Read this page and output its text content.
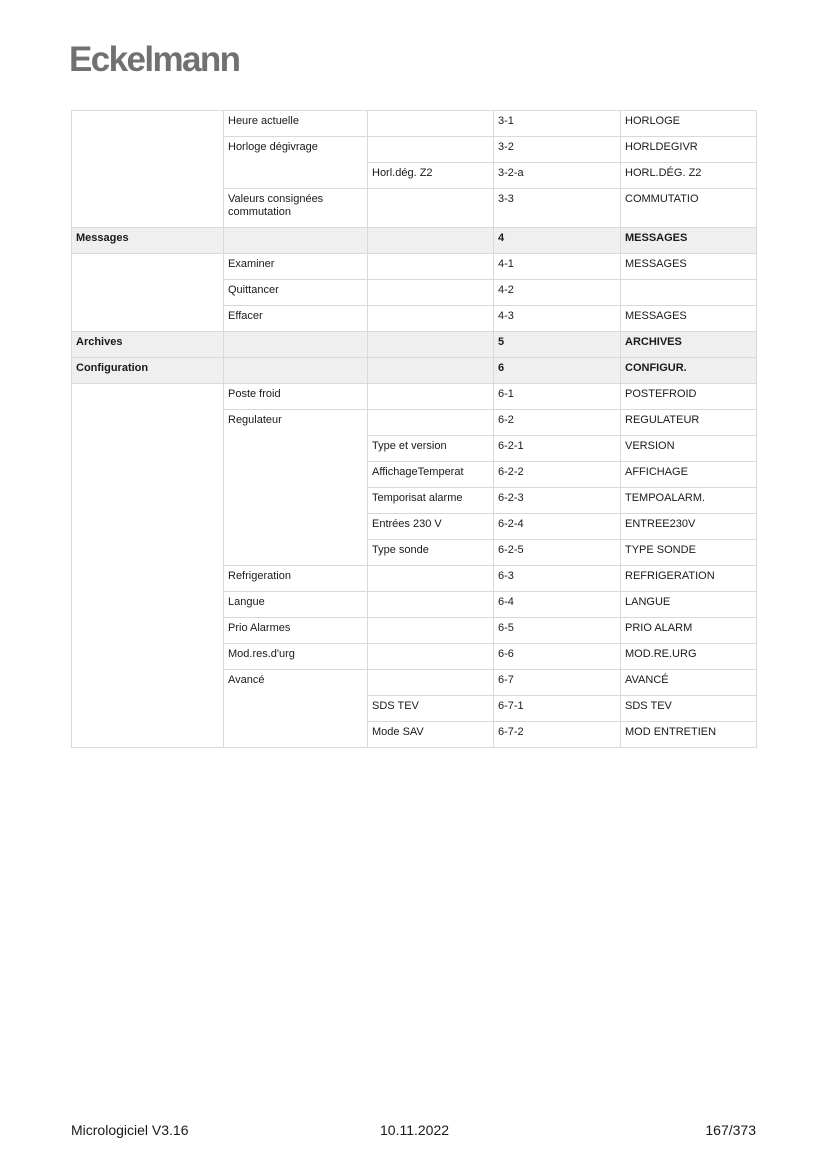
Eckelmann
	Heure actuelle		3-1	HORLOGE
	Horloge dégivrage		3-2	HORLDEGIVR
		Horl.dég. Z2	3-2-a	HORL.DÉG. Z2
	Valeurs consignées commutation		3-3	COMMUTATIO
Messages			4	MESSAGES
	Examiner		4-1	MESSAGES
	Quittancer		4-2	
	Effacer		4-3	MESSAGES
Archives			5	ARCHIVES
Configuration			6	CONFIGUR.
	Poste froid		6-1	POSTEFROID
	Regulateur		6-2	REGULATEUR
		Type et version	6-2-1	VERSION
		AffichageTemperat	6-2-2	AFFICHAGE
		Temporisat alarme	6-2-3	TEMPOALARM.
		Entrées 230 V	6-2-4	ENTREE230V
		Type sonde	6-2-5	TYPE SONDE
	Refrigeration		6-3	REFRIGERATION
	Langue		6-4	LANGUE
	Prio Alarmes		6-5	PRIO ALARM
	Mod.res.d'urg		6-6	MOD.RE.URG
	Avancé		6-7	AVANCÉ
		SDS TEV	6-7-1	SDS TEV
		Mode SAV	6-7-2	MOD ENTRETIEN
Micrologiciel V3.16	10.11.2022	167/373
